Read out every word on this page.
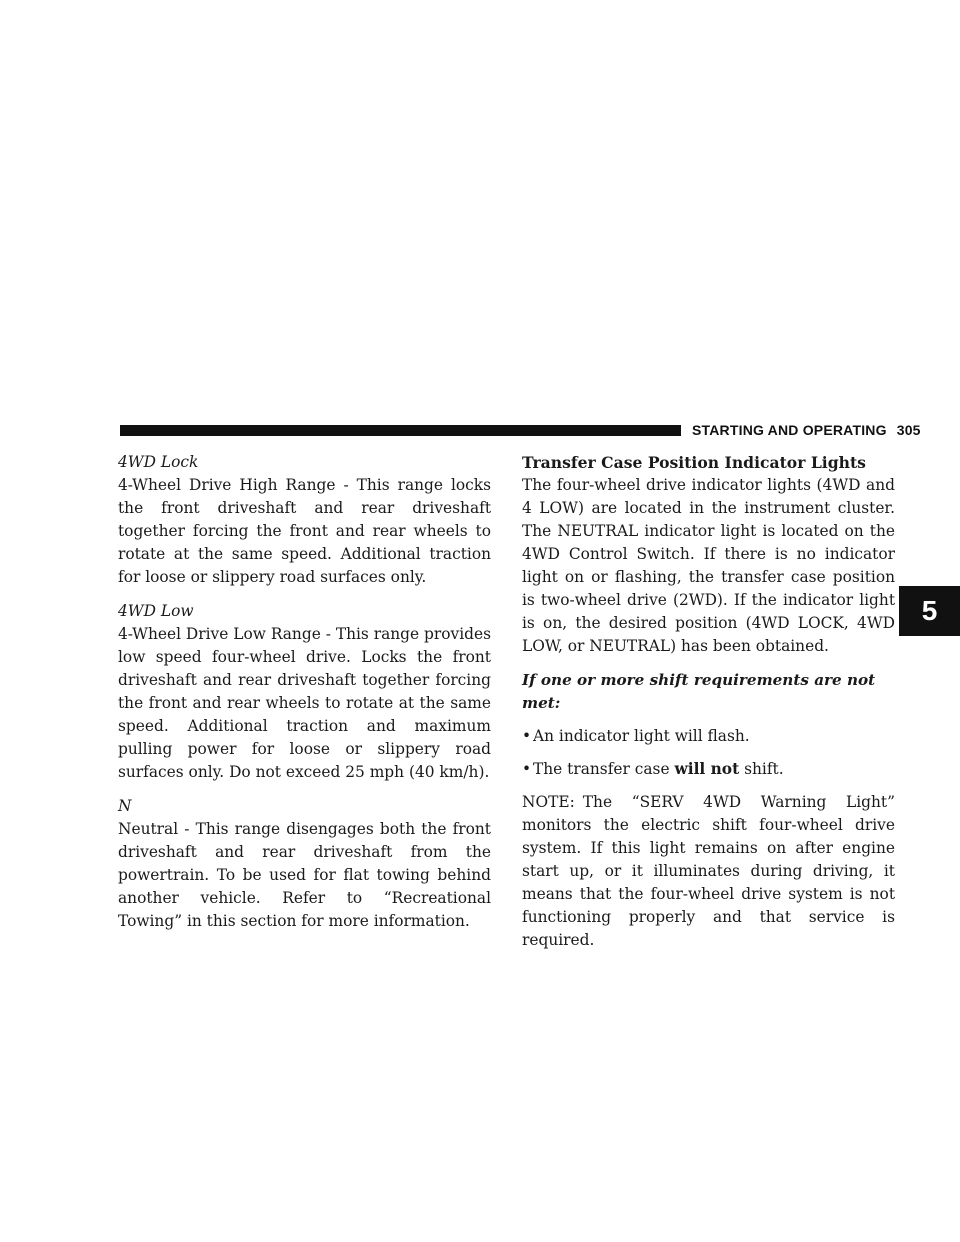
STARTING AND OPERATING 305
5

4WD Lock

4-Wheel Drive High Range - This range locks the front driveshaft and rear driveshaft together forcing the front and rear wheels to rotate at the same speed. Additional traction for loose or slippery road surfaces only.

4WD Low

4-Wheel Drive Low Range - This range provides low speed four-wheel drive. Locks the front driveshaft and rear driveshaft together forcing the front and rear wheels to rotate at the same speed. Additional traction and maximum pulling power for loose or slippery road surfaces only. Do not exceed 25 mph (40 km/h).

N

Neutral - This range disengages both the front driveshaft and rear driveshaft from the powertrain. To be used for flat towing behind another vehicle. Refer to “Recreational Towing” in this section for more information.

Transfer Case Position Indicator Lights

The four-wheel drive indicator lights (4WD and 4 LOW) are located in the instrument cluster. The NEUTRAL indicator light is located on the 4WD Control Switch. If there is no indicator light on or flashing, the transfer case position is two-wheel drive (2WD). If the indicator light is on, the desired position (4WD LOCK, 4WD LOW, or NEUTRAL) has been obtained.

If one or more shift requirements are not met:

• An indicator light will flash.
• The transfer case will not shift.

NOTE: The “SERV 4WD Warning Light” monitors the electric shift four-wheel drive system. If this light remains on after engine start up, or it illuminates during driving, it means that the four-wheel drive system is not functioning properly and that service is required.
